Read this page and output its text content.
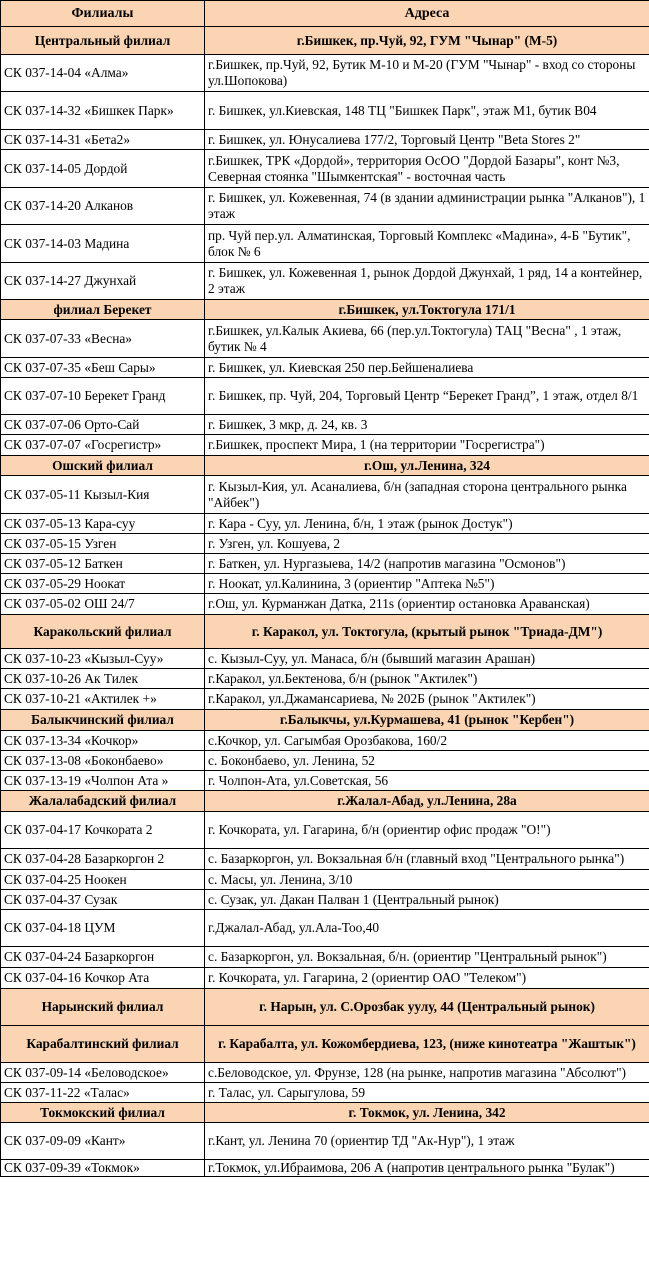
Филиалы	Адреса
Центральный филиал	г.Бишкек, пр.Чуй, 92, ГУМ "Чынар" (М-5)
СК 037-14-04 «Алма»	г.Бишкек, пр.Чуй, 92, Бутик М-10 и М-20 (ГУМ "Чынар" - вход со стороны ул.Шопокова)
СК 037-14-32 «Бишкек Парк»	г. Бишкек, ул.Киевская, 148 ТЦ "Бишкек Парк", этаж М1, бутик В04
СК 037-14-31 «Бета2»	г. Бишкек, ул. Юнусалиева 177/2, Торговый Центр "Beta Stores 2"
СК 037-14-05 Дордой	г.Бишкек, ТРК «Дордой», территория ОсОО "Дордой Базары", конт №3, Северная стоянка "Шымкентская" - восточная часть
СК 037-14-20 Алканов	г. Бишкек, ул. Кожевенная, 74 (в здании администрации рынка "Алканов"), 1 этаж
СК 037-14-03 Мадина	пр. Чуй пер.ул. Алматинская, Торговый Комплекс «Мадина», 4-Б "Бутик", блок № 6
СК 037-14-27 Джунхай	г. Бишкек, ул. Кожевенная 1, рынок Дордой Джунхай, 1 ряд, 14 а контейнер, 2 этаж
филиал Берекет	г.Бишкек, ул.Токтогула 171/1
СК 037-07-33 «Весна»	г.Бишкек, ул.Калык Акиева, 66 (пер.ул.Токтогула) ТАЦ "Весна" , 1 этаж, бутик № 4
СК 037-07-35 «Беш Сары»	г. Бишкек, ул. Киевская 250 пер.Бейшеналиева
СК 037-07-10 Берекет Гранд	г. Бишкек, пр. Чуй, 204, Торговый Центр “Берекет Гранд”, 1 этаж, отдел 8/1
СК 037-07-06 Орто-Сай	г. Бишкек, 3 мкр, д. 24, кв. 3
СК 037-07-07 «Госрегистр»	г.Бишкек, проспект Мира, 1 (на территории "Госрегистра")
Ошский филиал	г.Ош, ул.Ленина, 324
СК 037-05-11 Кызыл-Кия	г. Кызыл-Кия, ул. Асаналиева, б/н (западная сторона центрального рынка "Айбек")
СК 037-05-13 Кара-суу	г. Кара - Суу, ул. Ленина, б/н, 1 этаж (рынок Достук")
СК 037-05-15 Узген	г. Узген, ул. Кошуева, 2
СК 037-05-12 Баткен	г. Баткен, ул. Нургазыева, 14/2 (напротив магазина "Осмонов")
СК 037-05-29 Ноокат	г. Ноокат, ул.Калинина, 3 (ориентир "Аптека №5")
СК 037-05-02 ОШ 24/7	г.Ош, ул. Курманжан Датка, 211s (ориентир остановка Араванская)
Каракольский филиал	г. Каракол, ул. Токтогула, (крытый рынок "Триада-ДМ")
СК 037-10-23 «Кызыл-Суу»	с. Кызыл-Суу, ул. Манаса, б/н (бывший магазин Арашан)
СК 037-10-26 Ак Тилек	г.Каракол, ул.Бектенова, б/н (рынок "Актилек")
СК 037-10-21 «Актилек +»	г.Каракол, ул.Джамансариева, № 202Б (рынок "Актилек")
Балыкчинский филиал	г.Балыкчы, ул.Курмашева, 41 (рынок "Кербен")
СК 037-13-34 «Кочкор»	с.Кочкор, ул. Сагымбая Орозбакова, 160/2
СК 037-13-08 «Боконбаево»	с. Боконбаево, ул. Ленина, 52
СК 037-13-19 «Чолпон Ата »	г. Чолпон-Ата, ул.Советская, 56
Жалалабадский филиал	г.Жалал-Абад, ул.Ленина, 28а
СК 037-04-17 Кочкората 2	г. Кочкората, ул. Гагарина, б/н (ориентир офис продаж "О!")
СК 037-04-28 Базаркоргон 2	с. Базаркоргон, ул. Вокзальная б/н (главный вход "Центрального рынка")
СК 037-04-25 Ноокен	с. Масы, ул. Ленина, 3/10
СК 037-04-37 Сузак	с. Сузак, ул. Дакан Палван 1 (Центральный рынок)
СК 037-04-18 ЦУМ	г.Джалал-Абад, ул.Ала-Тоо,40
СК 037-04-24 Базаркоргон	с. Базаркоргон, ул. Вокзальная, б/н. (ориентир "Центральный рынок")
СК 037-04-16 Кочкор Ата	г. Кочкората, ул. Гагарина, 2 (ориентир ОАО "Телеком")
Нарынский филиал	г. Нарын, ул. С.Орозбак уулу, 44 (Центральный рынок)
Карабалтинский филиал	г. Карабалта, ул. Кожомбердиева, 123, (ниже кинотеатра "Жаштык")
СК 037-09-14 «Беловодское»	с.Беловодское, ул. Фрунзе, 128 (на рынке, напротив магазина "Абсолют")
СК 037-11-22 «Талас»	г. Талас, ул. Сарыгулова, 59
Токмокский филиал	г. Токмок, ул. Ленина, 342
СК 037-09-09 «Кант»	г.Кант, ул. Ленина 70 (ориентир ТД "Ак-Нур"), 1 этаж
СК 037-09-39 «Токмок»	г.Токмок, ул.Ибраимова, 206 А (напротив центрального рынка "Булак")
